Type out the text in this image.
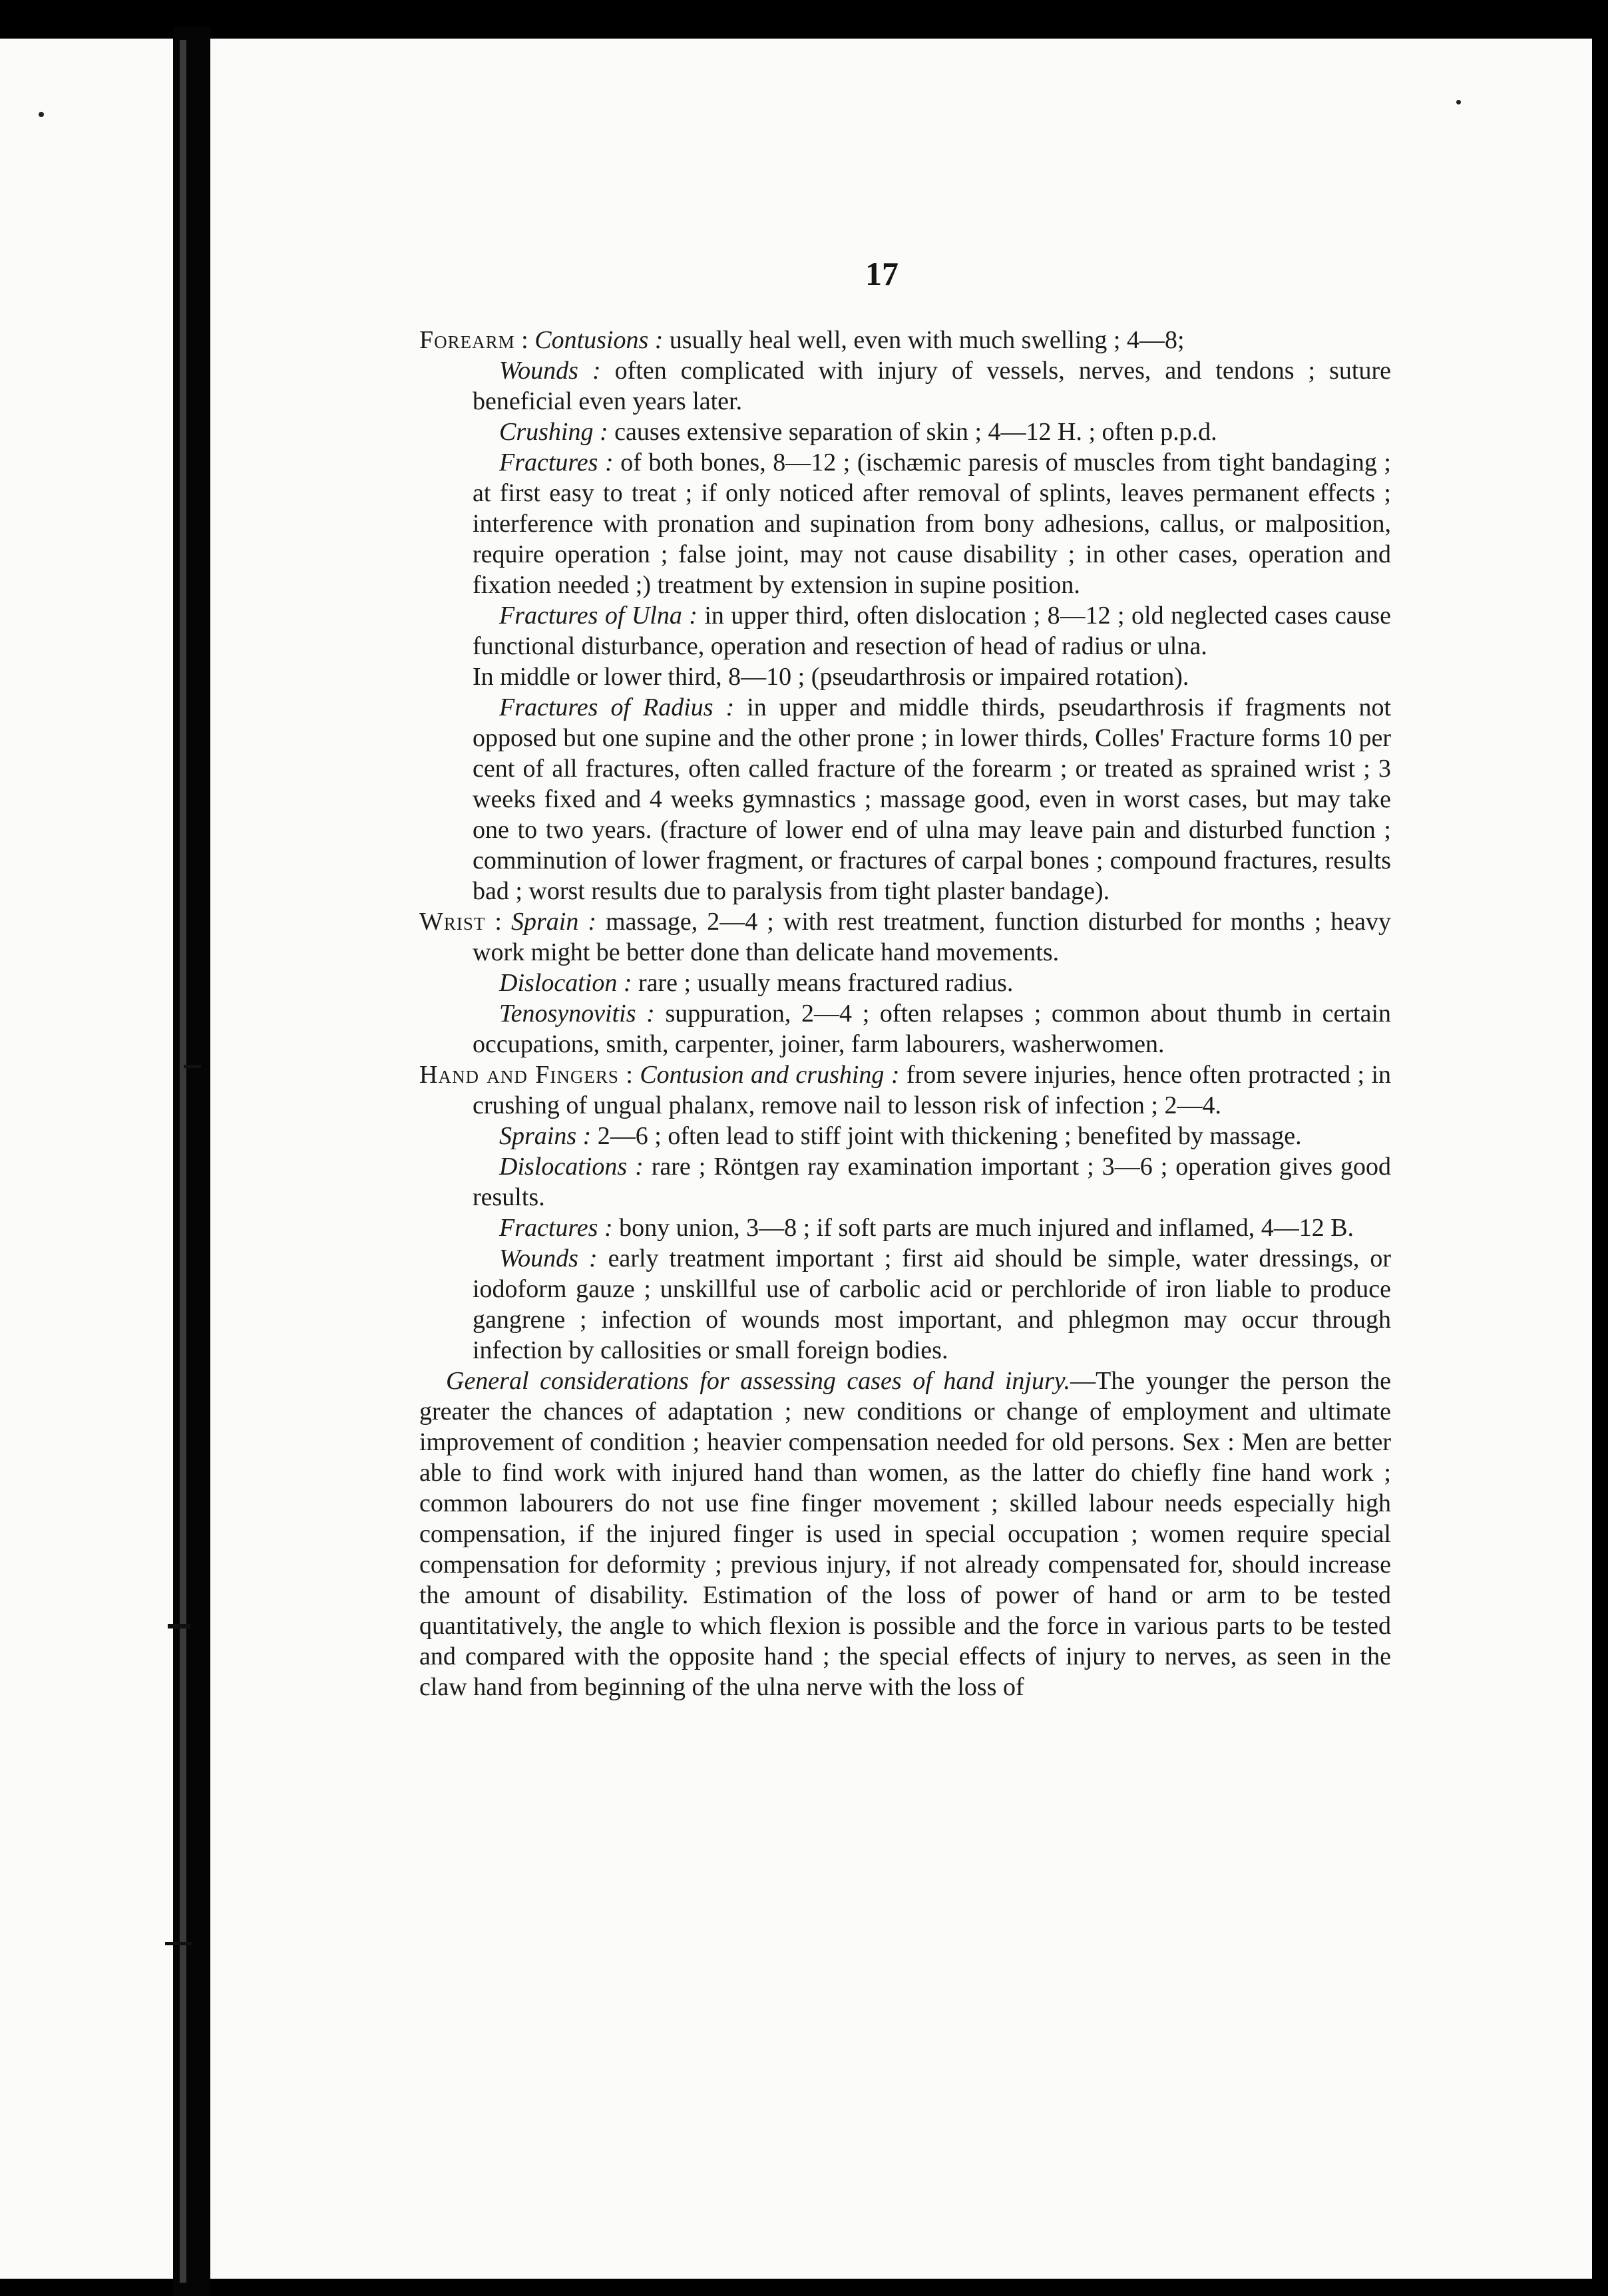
17

Forearm : Contusions : usually heal well, even with much swelling ; 4—8;

Wounds : often complicated with injury of vessels, nerves, and tendons ; suture beneficial even years later.

Crushing : causes extensive separation of skin ; 4—12 H. ; often p.p.d.

Fractures : of both bones, 8—12 ; (ischæmic paresis of muscles from tight bandaging ; at first easy to treat ; if only noticed after removal of splints, leaves permanent effects ; interference with pronation and supination from bony adhesions, callus, or malposition, require operation ; false joint, may not cause disability ; in other cases, operation and fixation needed ;) treatment by extension in supine position.

Fractures of Ulna : in upper third, often dislocation ; 8—12 ; old neglected cases cause functional disturbance, operation and resection of head of radius or ulna.

In middle or lower third, 8—10 ; (pseudarthrosis or impaired rotation).

Fractures of Radius : in upper and middle thirds, pseudarthrosis if fragments not opposed but one supine and the other prone ; in lower thirds, Colles' Fracture forms 10 per cent of all fractures, often called fracture of the forearm ; or treated as sprained wrist ; 3 weeks fixed and 4 weeks gymnastics ; massage good, even in worst cases, but may take one to two years. (fracture of lower end of ulna may leave pain and disturbed function ; comminution of lower fragment, or fractures of carpal bones ; compound fractures, results bad ; worst results due to paralysis from tight plaster bandage).

Wrist : Sprain : massage, 2—4 ; with rest treatment, function disturbed for months ; heavy work might be better done than delicate hand movements.

Dislocation : rare ; usually means fractured radius.

Tenosynovitis : suppuration, 2—4 ; often relapses ; common about thumb in certain occupations, smith, carpenter, joiner, farm labourers, washerwomen.

Hand and Fingers : Contusion and crushing : from severe injuries, hence often protracted ; in crushing of ungual phalanx, remove nail to lesson risk of infection ; 2—4.

Sprains : 2—6 ; often lead to stiff joint with thickening ; benefited by massage.

Dislocations : rare ; Röntgen ray examination important ; 3—6 ; operation gives good results.

Fractures : bony union, 3—8 ; if soft parts are much injured and inflamed, 4—12 B.

Wounds : early treatment important ; first aid should be simple, water dressings, or iodoform gauze ; unskillful use of carbolic acid or perchloride of iron liable to produce gangrene ; infection of wounds most important, and phlegmon may occur through infection by callosities or small foreign bodies.

General considerations for assessing cases of hand injury.—The younger the person the greater the chances of adaptation ; new conditions or change of employment and ultimate improvement of condition ; heavier compensation needed for old persons. Sex : Men are better able to find work with injured hand than women, as the latter do chiefly fine hand work ; common labourers do not use fine finger movement ; skilled labour needs especially high compensation, if the injured finger is used in special occupation ; women require special compensation for deformity ; previous injury, if not already compensated for, should increase the amount of disability. Estimation of the loss of power of hand or arm to be tested quantitatively, the angle to which flexion is possible and the force in various parts to be tested and compared with the opposite hand ; the special effects of injury to nerves, as seen in the claw hand from beginning of the ulna nerve with the loss of
